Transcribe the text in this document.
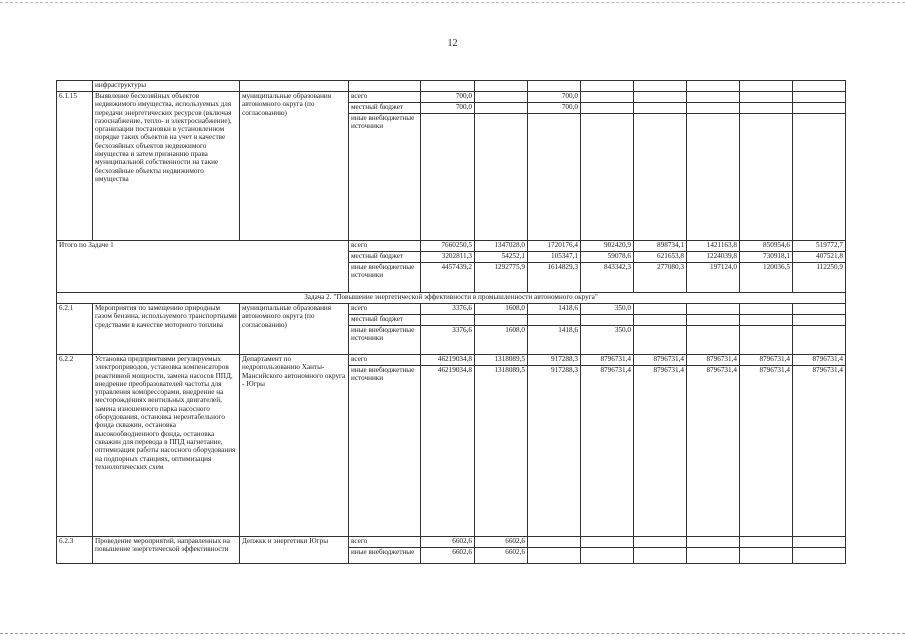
12
	инфраструктуры										
6.1.15	Выявление бесхозяйных объектов недвижимого имущества, используемых для передачи энергетических ресурсов (включая газоснабжение, тепло- и электроснабжение), организации постановки в установленном порядке таких объектов на учет в качестве бесхозяйных объектов недвижимого имущества и затем признанию права муниципальной собственности на такие бесхозяйные объекты недвижимого имущества	муниципальные образования автономного округа (по согласованию)	всего	700,0		700,0					
			местный бюджет	700,0		700,0					
			иные внебюджетные источники								
Итого по Задаче 1			всего	7660250,5	1347028,0	1720176,4	902420,9	898734,1	1421163,8	850954,6	519772,7
			местный бюджет	3202811,3	54252,1	105347,1	59078,6	621653,8	1224039,8	730918,1	407521,8
			иные внебюджетные источники	4457439,2	1292775,9	1614829,3	843342,3	277080,3	197124,0	120036,5	112250,9
Задача 2. "Повышение энергетической эффективности в промышленности автономного округа"											
6.2.1	Мероприятия по замещению природным газом бензина, используемого транспортными средствами в качестве моторного топлива	муниципальные образования автономного округа (по согласованию)	всего	3376,6	1608,0	1418,6	350,0				
			местный бюджет								
			иные внебюджетные источники	3376,6	1608,0	1418,6	350,0				
6.2.2	Установка предприятиями регулируемых электроприводов, установка компенсаторов реактивной мощности, замена насосов ППД, внедрение преобразователей частоты для управления компрессорами, внедрение на месторождениях вентильных двигателей, замена изношенного парка насосного оборудования, остановка нерентабельного фонда скважин, остановка высокообводненного фонда, остановка скважин для перевода в ППД нагнетание, оптимизация работы насосного оборудования на подпорных станциях, оптимизация технологических схем	Департамент по недропользованию Ханты-Мансийского автономного округа - Югры	всего	46219034,8	1318089,5	917288,3	8796731,4	8796731,4	8796731,4	8796731,4	8796731,4
			иные внебюджетные источники	46219034,8	1318089,5	917288,3	8796731,4	8796731,4	8796731,4	8796731,4	8796731,4
6.2.3	Проведение мероприятий, направленных на повышение энергетической эффективности	Депжкк и энергетики Югры	всего	6602,6	6602,6						
			иные внебюджетные	6602,6	6602,6						
